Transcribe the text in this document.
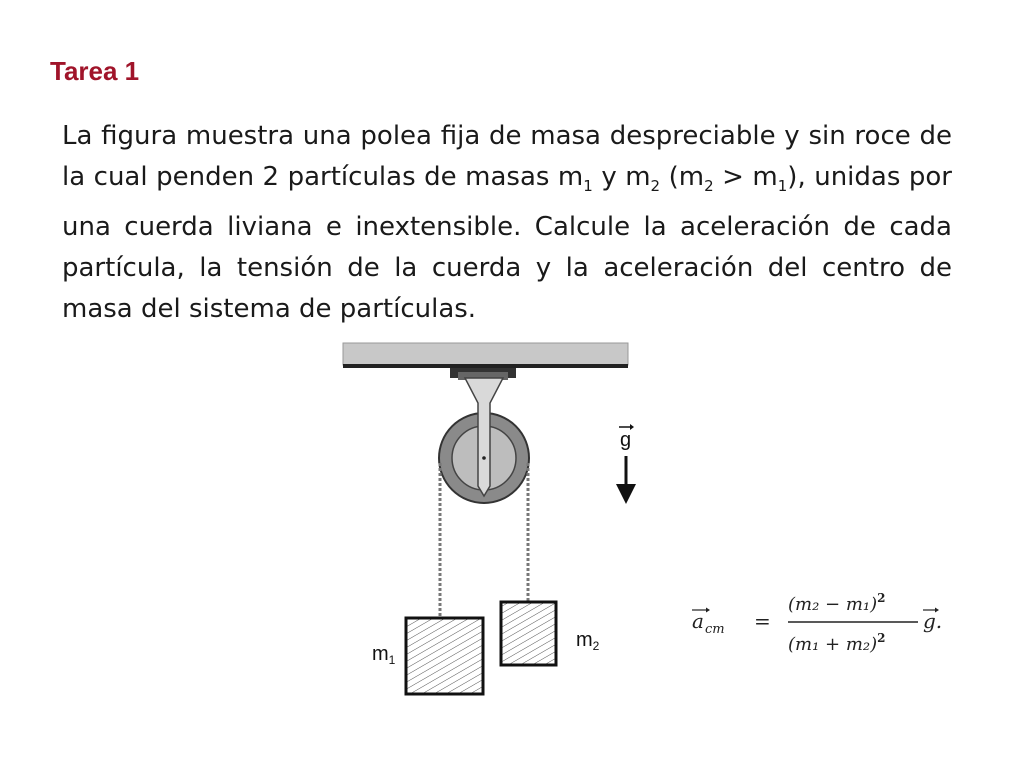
Tarea 1

La figura muestra una polea fija de masa despreciable y sin roce de la cual penden 2 partículas de masas $m_1$ y $m_2$ $(m_2 > m_1)$, unidas por una cuerda liviana e inextensible. Calcule la aceleración de cada partícula, la tensión de la cuerda y la aceleración del centro de masa del sistema de partículas.

$m_1$
$m_2$
g
a cm =
$(m_2 - m_1)^2$
$(m_1 + m_2)^2$
g.
